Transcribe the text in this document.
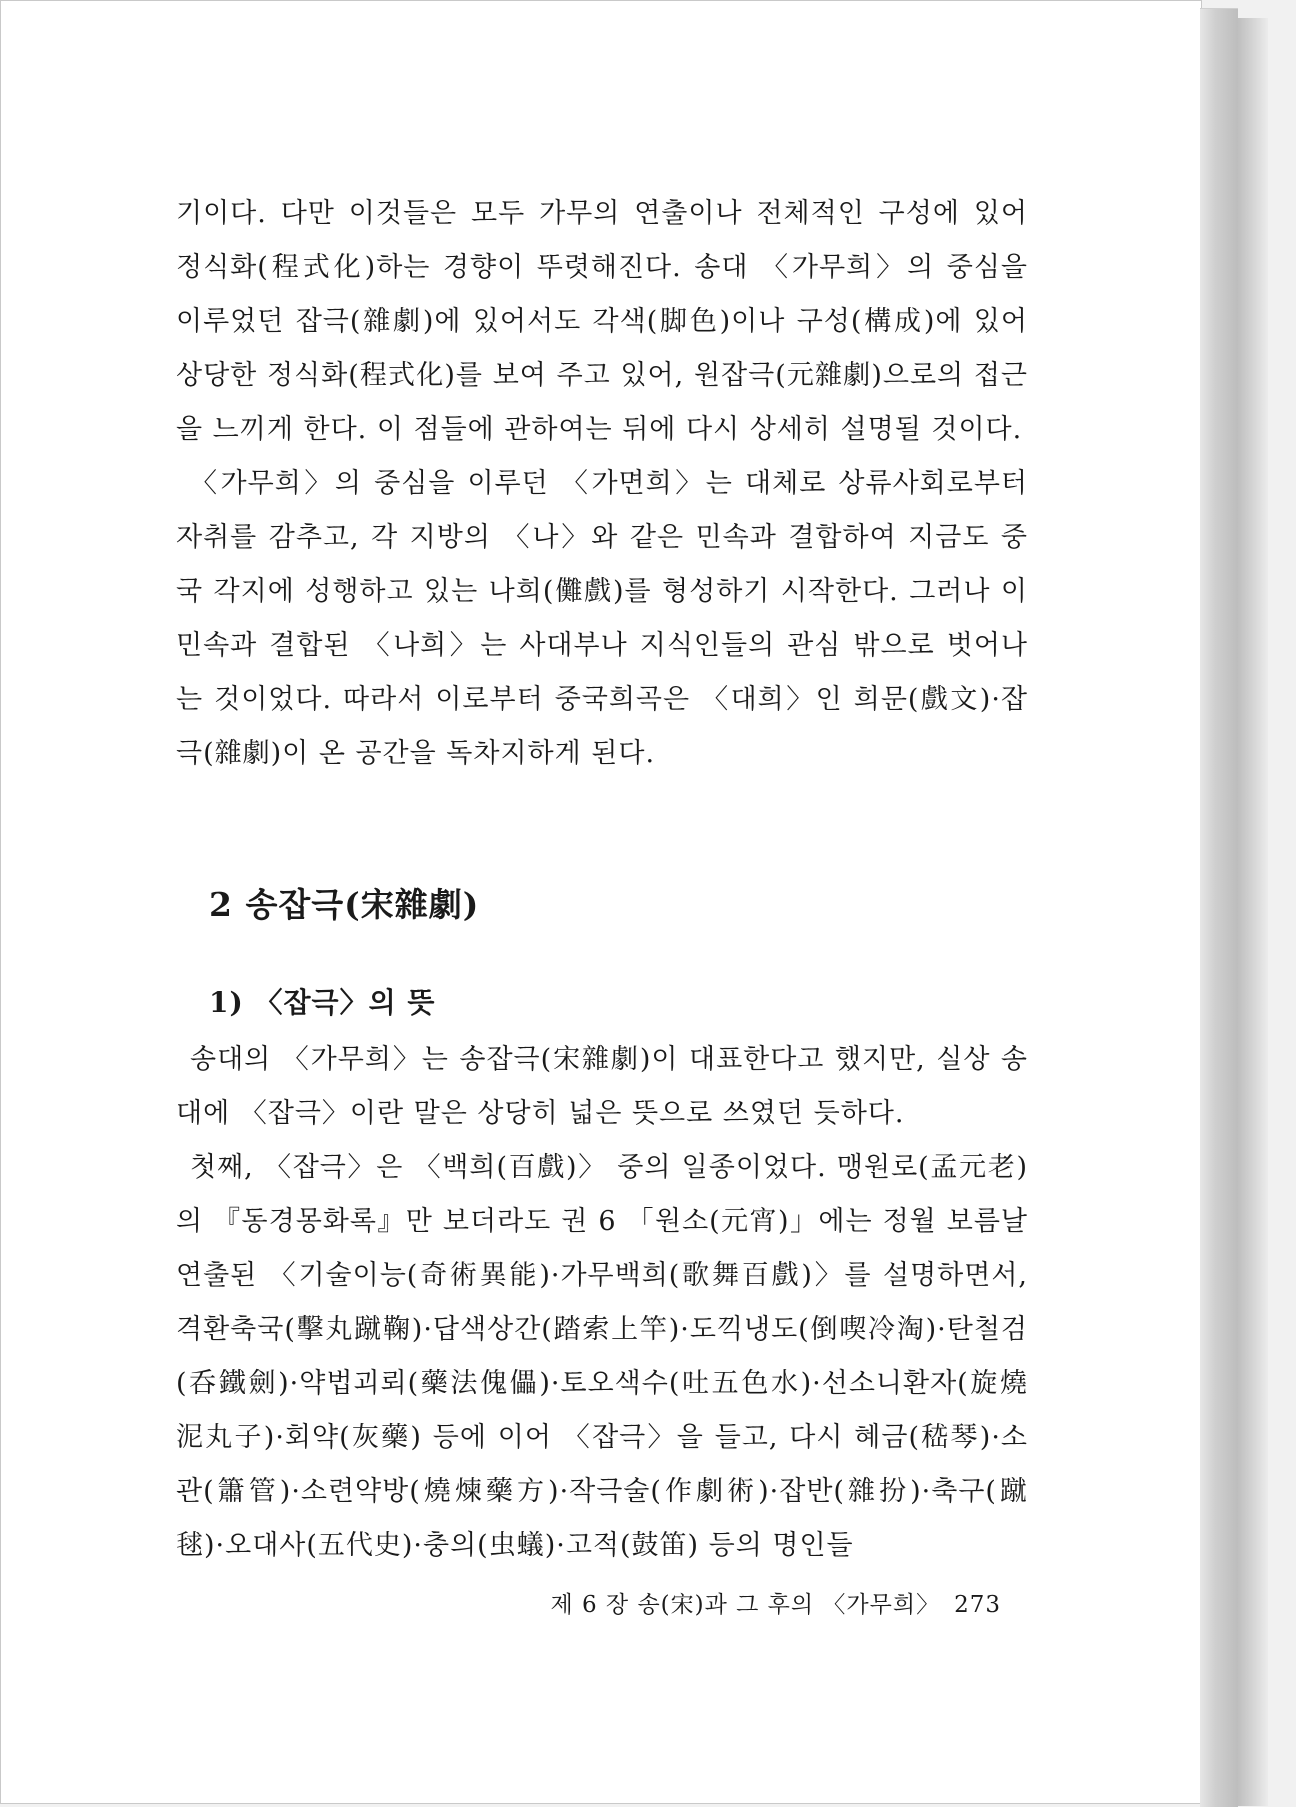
기이다. 다만 이것들은 모두 가무의 연출이나 전체적인 구성에 있어 정식화(程式化)하는 경향이 뚜렷해진다. 송대 〈가무희〉의 중심을 이루었던 잡극(雜劇)에 있어서도 각색(脚色)이나 구성(構成)에 있어 상당한 정식화(程式化)를 보여 주고 있어, 원잡극(元雜劇)으로의 접근을 느끼게 한다. 이 점들에 관하여는 뒤에 다시 상세히 설명될 것이다.

〈가무희〉의 중심을 이루던 〈가면희〉는 대체로 상류사회로부터 자취를 감추고, 각 지방의 〈나〉와 같은 민속과 결합하여 지금도 중국 각지에 성행하고 있는 나희(儺戲)를 형성하기 시작한다. 그러나 이 민속과 결합된 〈나희〉는 사대부나 지식인들의 관심 밖으로 벗어나는 것이었다. 따라서 이로부터 중국희곡은 〈대희〉인 희문(戲文)·잡극(雜劇)이 온 공간을 독차지하게 된다.

2 송잡극(宋雜劇)
1) 〈잡극〉의 뜻

송대의 〈가무희〉는 송잡극(宋雜劇)이 대표한다고 했지만, 실상 송대에 〈잡극〉이란 말은 상당히 넓은 뜻으로 쓰였던 듯하다.

첫째, 〈잡극〉은 〈백희(百戲)〉 중의 일종이었다. 맹원로(孟元老)의 『동경몽화록』만 보더라도 권 6 「원소(元宵)」에는 정월 보름날 연출된 〈기술이능(奇術異能)·가무백희(歌舞百戲)〉를 설명하면서, 격환축국(擊丸蹴鞠)·답색상간(踏索上竿)·도끽냉도(倒喫冷淘)·탄철검(呑鐵劍)·약법괴뢰(藥法傀儡)·토오색수(吐五色水)·선소니환자(旋燒泥丸子)·회약(灰藥) 등에 이어 〈잡극〉을 들고, 다시 혜금(嵇琴)·소관(簫管)·소련약방(燒煉藥方)·작극술(作劇術)·잡반(雜扮)·축구(蹴毬)·오대사(五代史)·충의(虫蟻)·고적(鼓笛) 등의 명인들

제 6 장 송(宋)과 그 후의 〈가무희〉 273
